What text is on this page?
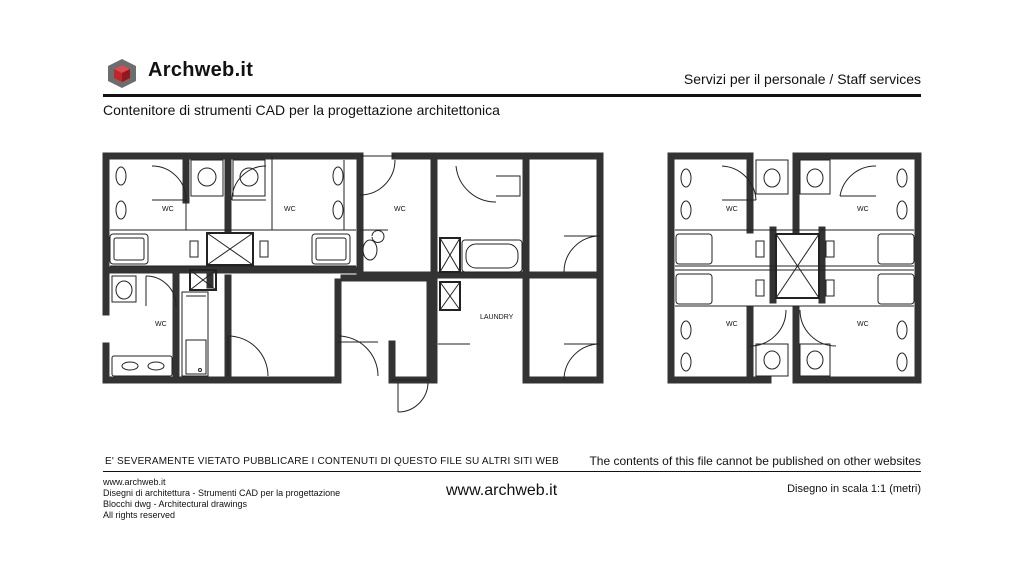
Archweb.it	Servizi per il personale / Staff services
Contenitore di strumenti CAD per la progettazione architettonica
WC	WC	WC
WC
LAUNDRY
WC	WC
WC	WC
E' SEVERAMENTE VIETATO PUBBLICARE I CONTENUTI DI QUESTO FILE SU ALTRI SITI WEB	The contents of this file cannot be published on other websites
www.archweb.it
Disegni di architettura - Strumenti CAD per la progettazione
Blocchi dwg - Architectural drawings
All rights reserved
www.archweb.it	Disegno in scala 1:1 (metri)
